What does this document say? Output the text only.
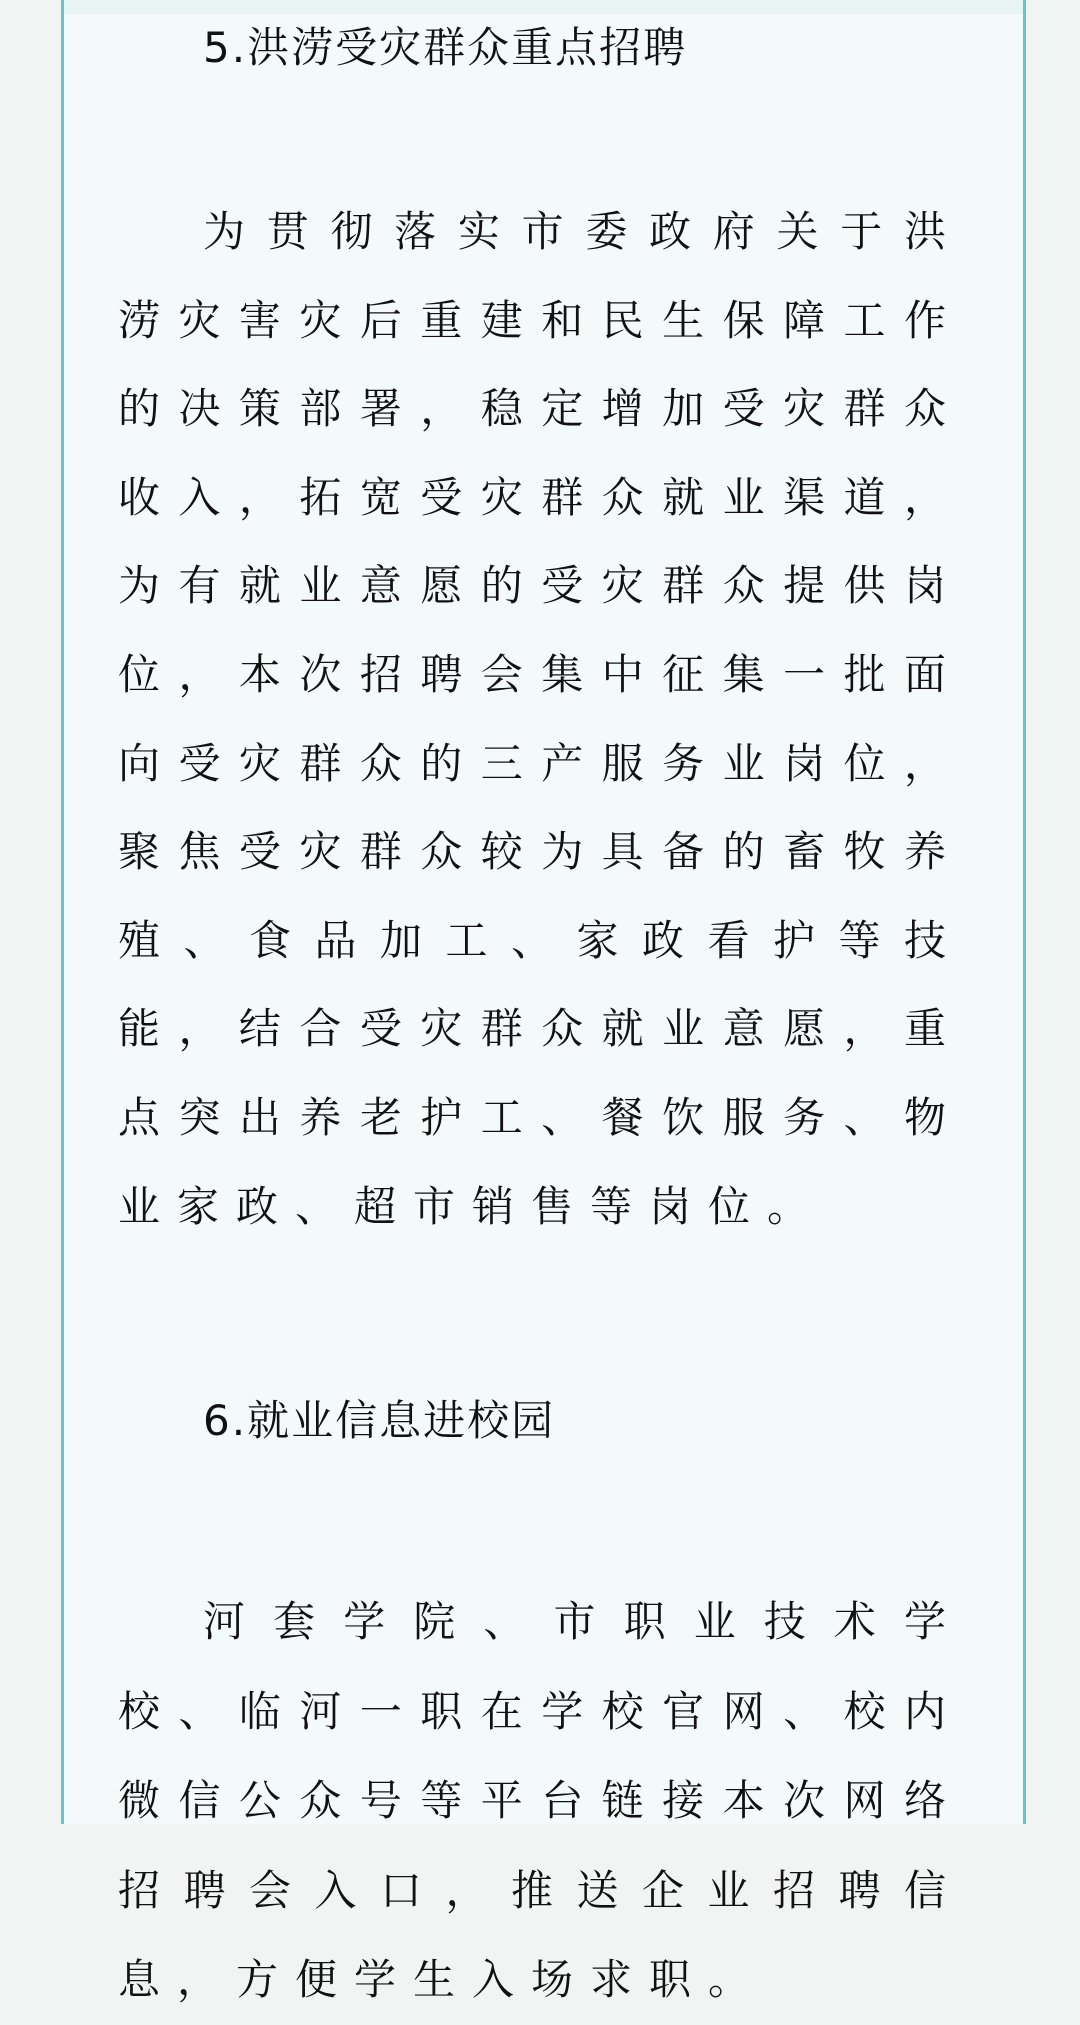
5.洪涝受灾群众重点招聘

为贯彻落实市委政府关于洪涝灾害灾后重建和民生保障工作的决策部署，稳定增加受灾群众收入，拓宽受灾群众就业渠道，为有就业意愿的受灾群众提供岗位，本次招聘会集中征集一批面向受灾群众的三产服务业岗位，聚焦受灾群众较为具备的畜牧养殖、食品加工、家政看护等技能，结合受灾群众就业意愿，重点突出养老护工、餐饮服务、物业家政、超市销售等岗位。

6.就业信息进校园

河套学院、市职业技术学校、临河一职在学校官网、校内微信公众号等平台链接本次网络招聘会入口，推送企业招聘信息，方便学生入场求职。
